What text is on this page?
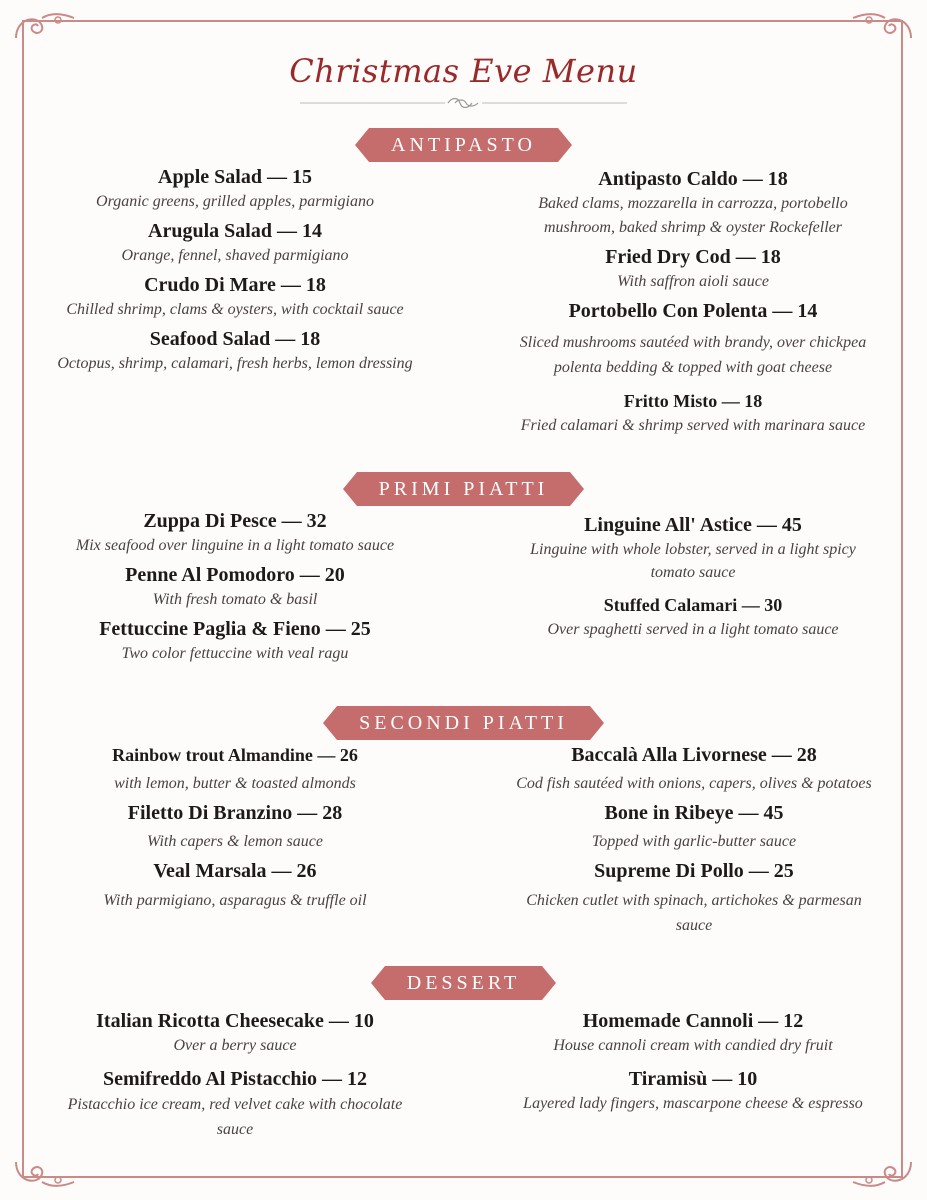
Christmas Eve Menu
ANTIPASTO
Apple Salad — 15
Organic greens, grilled apples, parmigiano
Arugula Salad — 14
Orange, fennel, shaved parmigiano
Crudo Di Mare — 18
Chilled shrimp, clams & oysters, with cocktail sauce
Seafood Salad — 18
Octopus, shrimp, calamari, fresh herbs, lemon dressing
Antipasto Caldo — 18
Baked clams, mozzarella in carrozza, portobello mushroom, baked shrimp & oyster Rockefeller
Fried Dry Cod — 18
With saffron aioli sauce
Portobello Con Polenta — 14
Sliced mushrooms sautéed with brandy, over chickpea polenta bedding & topped with goat cheese
Fritto Misto — 18
Fried calamari & shrimp served with marinara sauce
PRIMI PIATTI
Zuppa Di Pesce — 32
Mix seafood over linguine in a light tomato sauce
Penne Al Pomodoro — 20
With fresh tomato & basil
Fettuccine Paglia & Fieno — 25
Two color fettuccine with veal ragu
Linguine All' Astice — 45
Linguine with whole lobster, served in a light spicy tomato sauce
Stuffed Calamari — 30
Over spaghetti served in a light tomato sauce
SECONDI PIATTI
Rainbow trout Almandine — 26
with lemon, butter & toasted almonds
Filetto Di Branzino — 28
With capers & lemon sauce
Veal Marsala — 26
With parmigiano, asparagus & truffle oil
Baccalà Alla Livornese — 28
Cod fish sautéed with onions, capers, olives & potatoes
Bone in Ribeye — 45
Topped with garlic-butter sauce
Supreme Di Pollo — 25
Chicken cutlet with spinach, artichokes & parmesan sauce
DESSERT
Italian Ricotta Cheesecake — 10
Over a berry sauce
Semifreddo Al Pistacchio — 12
Pistacchio ice cream, red velvet cake with chocolate sauce
Homemade Cannoli — 12
House cannoli cream with candied dry fruit
Tiramisù — 10
Layered lady fingers, mascarpone cheese & espresso
